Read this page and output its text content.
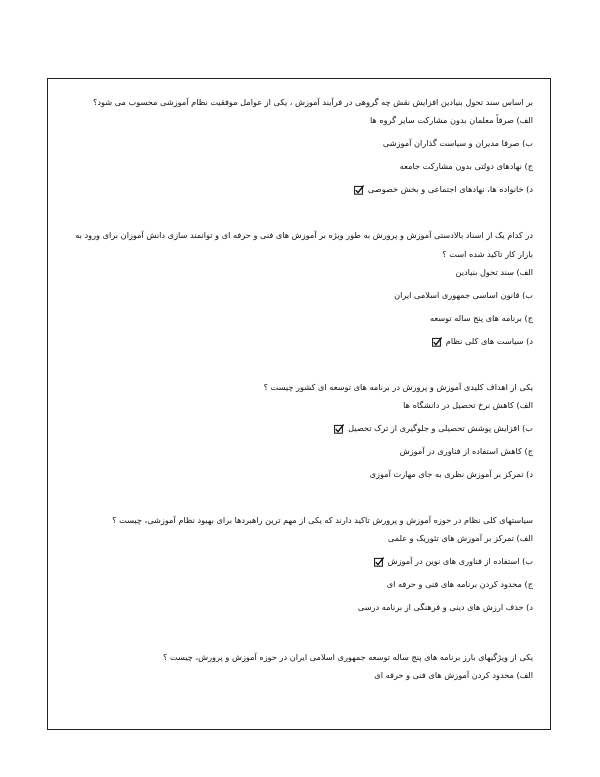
بر اساس سند تحول بنیادین افزایش نقش چه گروهی در فرآیند آموزش ، یکی از عوامل موفقیت نظام آموزشی محسوب می شود؟
الف) صرفاً معلمان بدون مشارکت سایر گروه ها
ب) صرفا مدیران و سیاست گذاران آموزشی
ج) نهادهای دولتی بدون مشارکت جامعه
د) خانواده ها، نهادهای اجتماعی و بخش خصوصی
در کدام یک از اسناد بالادستی آموزش و پرورش به طور ویژه بر آموزش های فنی و حرفه ای و توانمند سازی دانش آموزان برای ورود به بازار کار تاکید شده است ؟
الف) سند تحول بنیادین
ب) قانون اساسی جمهوری اسلامی ایران
ج) برنامه های پنج ساله توسعه
د) سیاست های کلی نظام
یکی از اهداف کلیدی آموزش و پرورش در برنامه های توسعه ای کشور چیست ؟
الف) کاهش نرخ تحصیل در دانشگاه ها
ب) افزایش پوشش تحصیلی و جلوگیری از ترک تحصیل
ج) کاهش استفاده از فناوری در آموزش
د) تمرکز بر آموزش نظری به جای مهارت آموزی
سیاستهای کلی نظام در حوزه آموزش و پرورش تاکید دارند که یکی از مهم ترین راهبردها برای بهبود نظام آموزشی، چیست ؟
الف) تمرکز بر آموزش های تئوریک و علمی
ب) استفاده از فناوری های نوین در آموزش
ج) محدود کردن برنامه های فنی و حرفه ای
د) حذف ارزش های دینی و فرهنگی از برنامه درسی
یکی از ویژگیهای بارز برنامه های پنج ساله توسعه جمهوری اسلامی ایران در حوزه آموزش و پرورش، چیست ؟
الف) محدود کردن آموزش های فنی و حرفه ای
